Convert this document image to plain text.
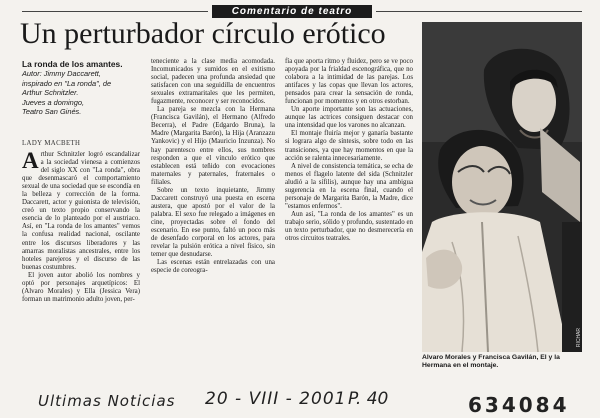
Comentario de teatro
Un perturbador círculo erótico
La ronda de los amantes.
Autor: Jimmy Daccarett,
inspirado en "La ronda", de
Arthur Schnitzler.
Jueves a domingo,
Teatro San Ginés.
LADY MACBETH

Arthur Schnitzler logró escandalizar a la sociedad vienesa a comienzos del siglo XX con "La ronda", obra que desenmascaró el comportamiento sexual de una sociedad que se escondía en la belleza y corrección de la forma. Daccarett, actor y guionista de televisión, creó un texto propio conservando la esencia de lo planteado por el austriaco. Así, en "La ronda de los amantes" vemos la confusa realidad nacional, oscilante entre los discursos liberadores y las amarras moralistas ancestrales, entre los hoteles parejeros y el discurso de las buenas costumbres.

El joven autor abolió los nombres y optó por personajes arquetípicos: El (Alvaro Morales) y Ella (Jessica Vera) forman un matrimonio adulto joven, per-

teneciente a la clase media acomodada. Incomunicados y sumidos en el exitismo social, padecen una profunda ansiedad que satisfacen con una seguidilla de encuentros sexuales extramaritales que les permiten, fugazmente, reconocer y ser reconocidos.

La pareja se mezcla con la Hermana (Francisca Gavilán), el Hermano (Alfredo Becerra), el Padre (Edgardo Bruna), la Madre (Margarita Barón), la Hija (Aranzazu Yankovic) y el Hijo (Mauricio Inzunza). No hay parentesco entre ellos, sus nombres responden a que el vínculo erótico que establecen está teñido con evocaciones maternales y paternales, fraternales o filiales.

Sobre un texto inquietante, Jimmy Daccarett construyó una puesta en escena austera, que apostó por el valor de la palabra. El sexo fue relegado a imágenes en cine, proyectadas sobre el fondo del escenario. En ese punto, faltó un poco más de desenfado corporal en los actores, para revelar la pulsión erótica a nivel físico, sin temer que desnudarse.

Las escenas están entrelazadas con una especie de coreogra-

fía que aporta ritmo y fluidez, pero se ve poco apoyada por la frialdad escenográfica, que no colabora a la intimidad de las parejas. Los antifaces y las copas que llevan los actores, pensados para crear la sensación de ronda, funcionan por momentos y en otros estorban.

Un aporte importante son las actuaciones, aunque las actrices consiguen destacar con una intensidad que los varones no alcanzan.

El montaje fluiría mejor y ganaría bastante si lograra algo de síntesis, sobre todo en las transiciones, ya que hay momentos en que la acción se ralenta innecesariamente.

A nivel de consistencia temática, se echa de menos el flagelo latente del sida (Schnitzler aludió a la sífilis), aunque hay una ambigua sugerencia en la escena final, cuando el personaje de Margarita Barón, la Madre, dice "estamos enfermos".

Aun así, "La ronda de los amantes" es un trabajo serio, sólido y profundo, sustentado en un texto perturbador, que no desmerecería en otros circuitos teatrales.

RICHAR
Alvaro Morales y Francisca Gavilán, El y la Hermana en el montaje.
Ultimas Noticias 20 - VIII - 2001 P. 40	634084
